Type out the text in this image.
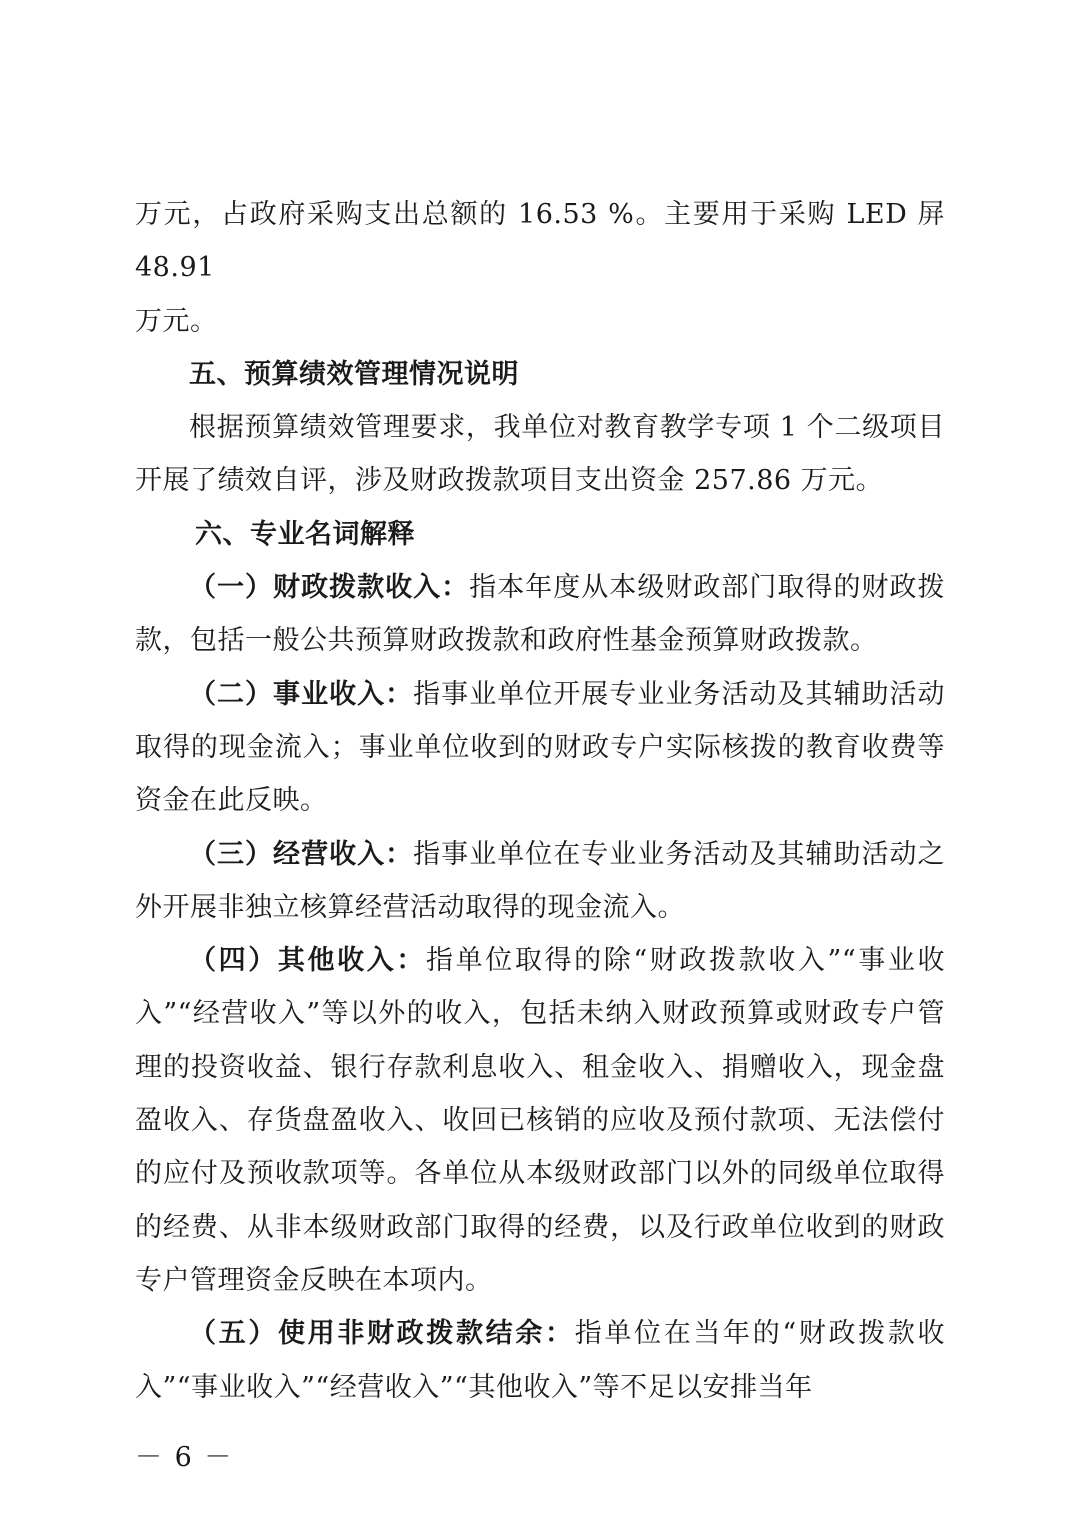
万元，占政府采购支出总额的 16.53 %。主要用于采购 LED 屏 48.91
万元。

五、预算绩效管理情况说明

根据预算绩效管理要求，我单位对教育教学专项 1 个二级项目开展了绩效自评，涉及财政拨款项目支出资金 257.86 万元。

六、专业名词解释

（一）财政拨款收入：指本年度从本级财政部门取得的财政拨款，包括一般公共预算财政拨款和政府性基金预算财政拨款。

（二）事业收入：指事业单位开展专业业务活动及其辅助活动取得的现金流入；事业单位收到的财政专户实际核拨的教育收费等资金在此反映。

（三）经营收入：指事业单位在专业业务活动及其辅助活动之外开展非独立核算经营活动取得的现金流入。

（四）其他收入：指单位取得的除“财政拨款收入”“事业收入”“经营收入”等以外的收入，包括未纳入财政预算或财政专户管理的投资收益、银行存款利息收入、租金收入、捐赠收入，现金盘盈收入、存货盘盈收入、收回已核销的应收及预付款项、无法偿付的应付及预收款项等。各单位从本级财政部门以外的同级单位取得的经费、从非本级财政部门取得的经费，以及行政单位收到的财政专户管理资金反映在本项内。

（五）使用非财政拨款结余：指单位在当年的“财政拨款收入”“事业收入”“经营收入”“其他收入”等不足以安排当年

－ 6 －
